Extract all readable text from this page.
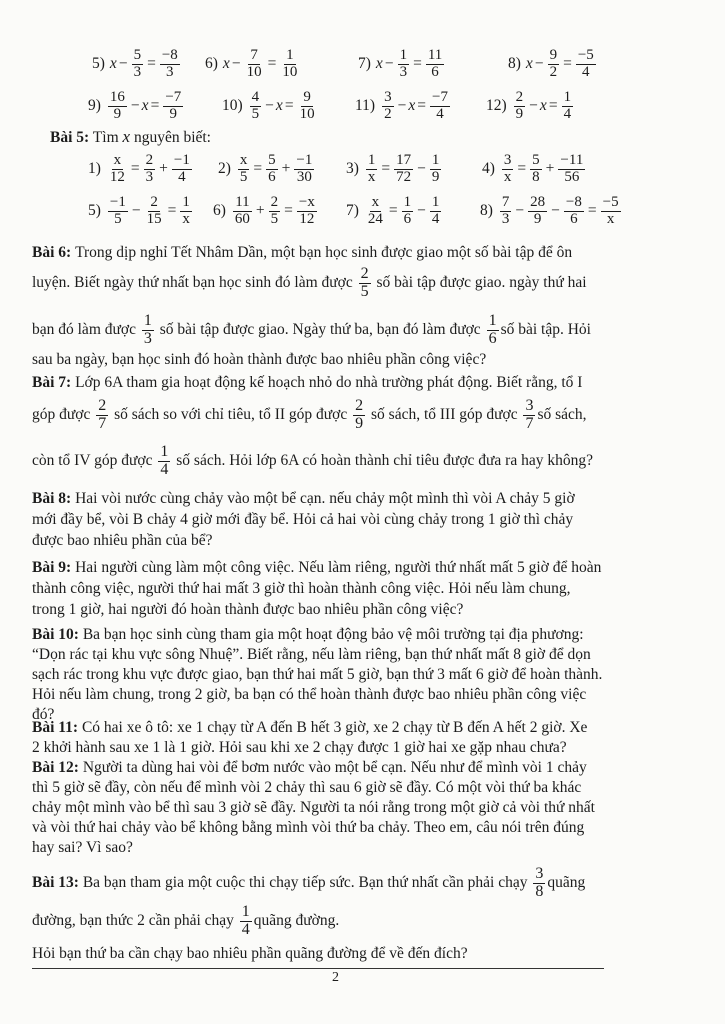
5) $x - \frac{5}{3} = \frac{-8}{3} 6$) $x - \frac{7}{10} = \frac{1}{10}$	7) $x - \frac{1}{3} = \frac{11}{6}$	8) $x - \frac{9}{2} = \frac{-5}{4}$
$9) \frac{16}{9} - x = \frac{-7}{9} 10) \frac{4}{5} - x = \frac{9}{10} 11) \frac{3}{2} - x = \frac{-7}{4} 12) \frac{2}{9} - x = \frac{1}{4}$
Bài 5: Tìm x nguyên biết:
$1) \frac{x}{12} = \frac{2}{3} + \frac{-1}{4} 2) \frac{x}{5} = \frac{5}{6} + \frac{-1}{30} 3) \frac{1}{x} = \frac{17}{72} - \frac{1}{9}$	$4) \frac{3}{x} = \frac{5}{8} + \frac{-11}{56}$
$5) \frac{-1}{5} - \frac{2}{15} = \frac{1}{x} 6) \frac{11}{60} + \frac{2}{5} = \frac{-x}{12} 7) \frac{x}{24} = \frac{1}{6} - \frac{1}{4} 8) \frac{7}{3} - \frac{28}{9} - \frac{-8}{6} = \frac{-5}{x}$
Bài 6:
Trong dịp nghỉ Tết Nhâm Dần, một bạn học sinh được giao một số bài tập để ôn
luyện. Biết ngày thứ nhất bạn học sinh đó làm được
$\frac{2}{5}$
số bài tập được giao. ngày thứ hai
bạn đó làm được
$\frac{1}{3}$
số bài tập được giao. Ngày thứ ba, bạn đó làm được
$\frac{1}{6}$ số bài tập. Hỏi
sau ba ngày, bạn học sinh đó hoàn thành được bao nhiêu phần công việc?
Bài 7:
Lớp 6A tham gia hoạt động kế hoạch nhỏ do nhà trường phát động. Biết rằng, tổ I
góp được
$\frac{2}{7}$
số sách so với chỉ tiêu, tổ II góp được
$\frac{2}{9}$
số sách, tổ III góp được
$\frac{3}{7}$ số sách,
còn tổ IV góp được
$\frac{1}{4}$
số sách. Hỏi lớp 6A có hoàn thành chỉ tiêu được đưa ra hay không?
Bài 8: Hai vòi nước cùng chảy vào một bể cạn. nếu chảy một mình thì vòi A chảy 5 giờ
mới đầy bể, vòi B chảy 4 giờ mới đầy bể. Hỏi cả hai vòi cùng chảy trong 1 giờ thì chảy
được bao nhiêu phần của bể?
Bài 9: Hai người cùng làm một công việc. Nếu làm riêng, người thứ nhất mất 5 giờ để hoàn
thành công việc, người thứ hai mất 3 giờ thì hoàn thành công việc. Hỏi nếu làm chung,
trong 1 giờ, hai người đó hoàn thành được bao nhiêu phần công việc?
Bài 10: Ba bạn học sinh cùng tham gia một hoạt động bảo vệ môi trường tại địa phương:
“Dọn rác tại khu vực sông Nhuệ”. Biết rằng, nếu làm riêng, bạn thứ nhất mất 8 giờ để dọn
sạch rác trong khu vực được giao, bạn thứ hai mất 5 giờ, bạn thứ 3 mất 6 giờ để hoàn thành.
Hỏi nếu làm chung, trong 2 giờ, ba bạn có thể hoàn thành được bao nhiêu phần công việc
đó?
Bài 11: Có hai xe ô tô: xe 1 chạy từ A đến B hết 3 giờ, xe 2 chạy từ B đến A hết 2 giờ. Xe
2 khởi hành sau xe 1 là 1 giờ. Hỏi sau khi xe 2 chạy được 1 giờ hai xe gặp nhau chưa?
Bài 12: Người ta dùng hai vòi để bơm nước vào một bể cạn. Nếu như để mình vòi 1 chảy
thì 5 giờ sẽ đầy, còn nếu để mình vòi 2 chảy thì sau 6 giờ sẽ đầy. Có một vòi thứ ba khác
chảy một mình vào bể thì sau 3 giờ sẽ đầy. Người ta nói rằng trong một giờ cả vòi thứ nhất
và vòi thứ hai chảy vào bể không bằng mình vòi thứ ba chảy. Theo em, câu nói trên đúng
hay sai? Vì sao?
Bài 13:
Ba bạn tham gia một cuộc thi chạy tiếp sức. Bạn thứ nhất cần phải chạy
$\frac{3}{8}$ quãng
đường, bạn thức 2 cần phải chạy
$\frac{1}{4}$ quãng đường.
Hỏi bạn thứ ba cần chạy bao nhiêu phần quãng đường để về đến đích?
2
